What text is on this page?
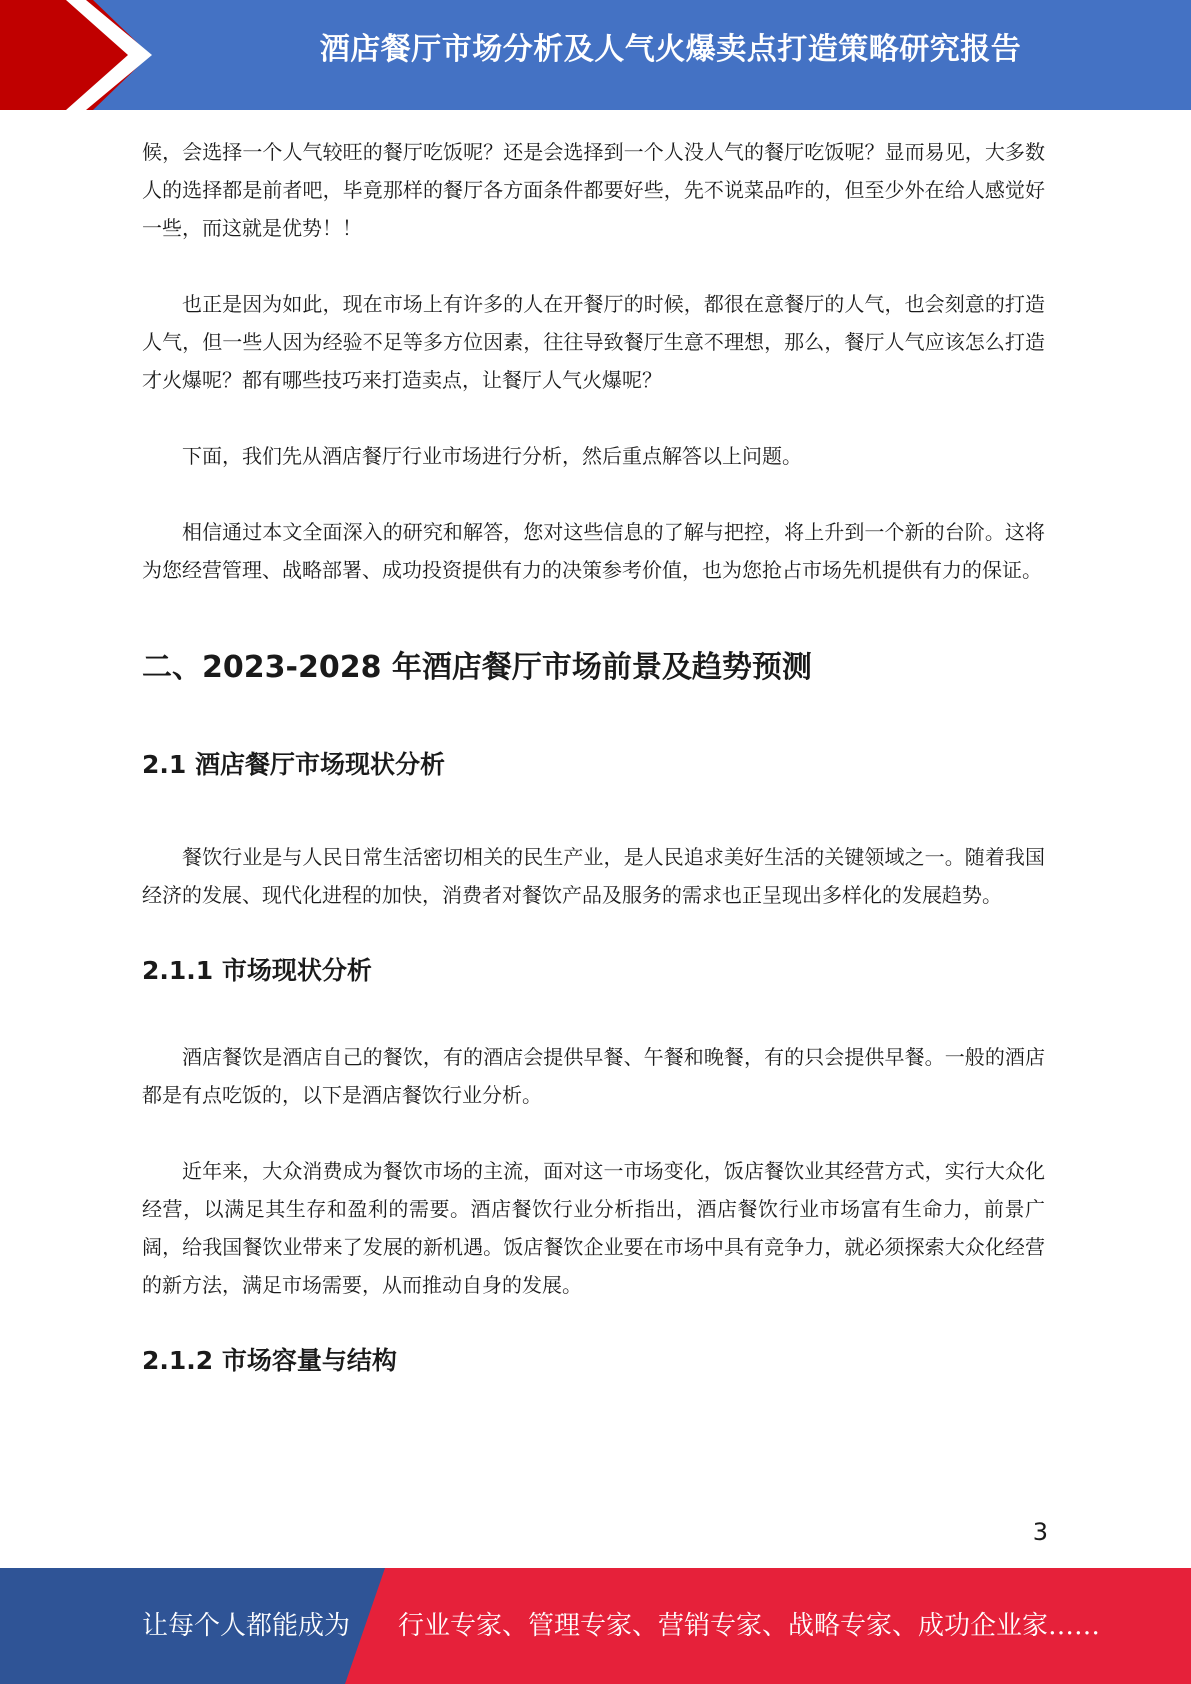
酒店餐厅市场分析及人气火爆卖点打造策略研究报告

候，会选择一个人气较旺的餐厅吃饭呢？还是会选择到一个人没人气的餐厅吃饭呢？显而易见，大多数人的选择都是前者吧，毕竟那样的餐厅各方面条件都要好些，先不说菜品咋的，但至少外在给人感觉好一些，而这就是优势！！

也正是因为如此，现在市场上有许多的人在开餐厅的时候，都很在意餐厅的人气，也会刻意的打造人气，但一些人因为经验不足等多方位因素，往往导致餐厅生意不理想，那么，餐厅人气应该怎么打造才火爆呢？都有哪些技巧来打造卖点，让餐厅人气火爆呢？

下面，我们先从酒店餐厅行业市场进行分析，然后重点解答以上问题。

相信通过本文全面深入的研究和解答，您对这些信息的了解与把控，将上升到一个新的台阶。这将为您经营管理、战略部署、成功投资提供有力的决策参考价值，也为您抢占市场先机提供有力的保证。

二、2023-2028 年酒店餐厅市场前景及趋势预测
2.1 酒店餐厅市场现状分析

餐饮行业是与人民日常生活密切相关的民生产业，是人民追求美好生活的关键领域之一。随着我国经济的发展、现代化进程的加快，消费者对餐饮产品及服务的需求也正呈现出多样化的发展趋势。

2.1.1 市场现状分析

酒店餐饮是酒店自己的餐饮，有的酒店会提供早餐、午餐和晚餐，有的只会提供早餐。一般的酒店都是有点吃饭的，以下是酒店餐饮行业分析。

近年来，大众消费成为餐饮市场的主流，面对这一市场变化，饭店餐饮业其经营方式，实行大众化经营，以满足其生存和盈利的需要。酒店餐饮行业分析指出，酒店餐饮行业市场富有生命力，前景广阔，给我国餐饮业带来了发展的新机遇。饭店餐饮企业要在市场中具有竞争力，就必须探索大众化经营的新方法，满足市场需要，从而推动自身的发展。

2.1.2 市场容量与结构
3
让每个人都能成为 行业专家、管理专家、营销专家、战略专家、成功企业家……
